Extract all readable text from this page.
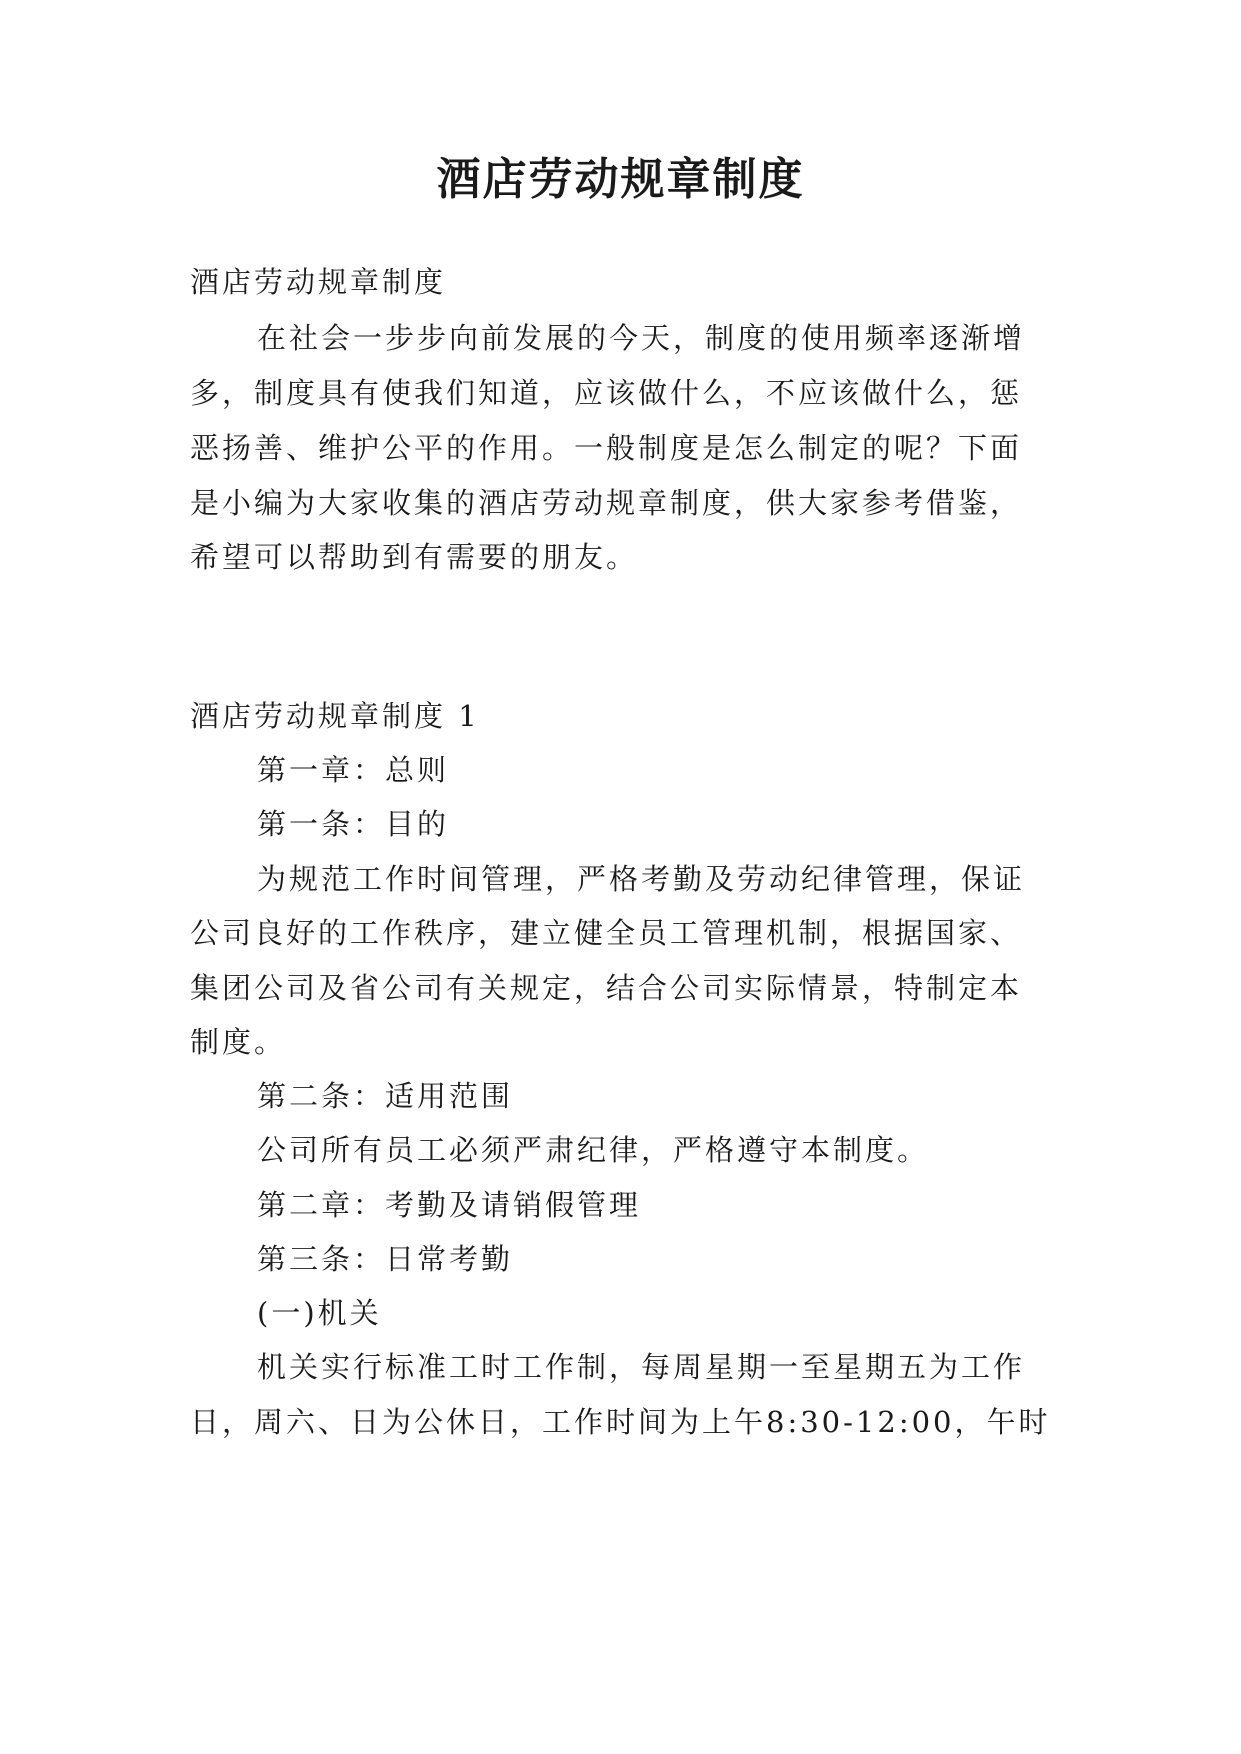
酒店劳动规章制度
酒店劳动规章制度
在社会一步步向前发展的今天，制度的使用频率逐渐增
多，制度具有使我们知道，应该做什么，不应该做什么，惩
恶扬善、维护公平的作用。一般制度是怎么制定的呢？下面
是小编为大家收集的酒店劳动规章制度，供大家参考借鉴，
希望可以帮助到有需要的朋友。
酒店劳动规章制度 1
第一章：总则
第一条：目的
为规范工作时间管理，严格考勤及劳动纪律管理，保证
公司良好的工作秩序，建立健全员工管理机制，根据国家、
集团公司及省公司有关规定，结合公司实际情景，特制定本
制度。
第二条：适用范围
公司所有员工必须严肃纪律，严格遵守本制度。
第二章：考勤及请销假管理
第三条：日常考勤
(一)机关
机关实行标准工时工作制，每周星期一至星期五为工作
日，周六、日为公休日，工作时间为上午8:30-12:00，午时
